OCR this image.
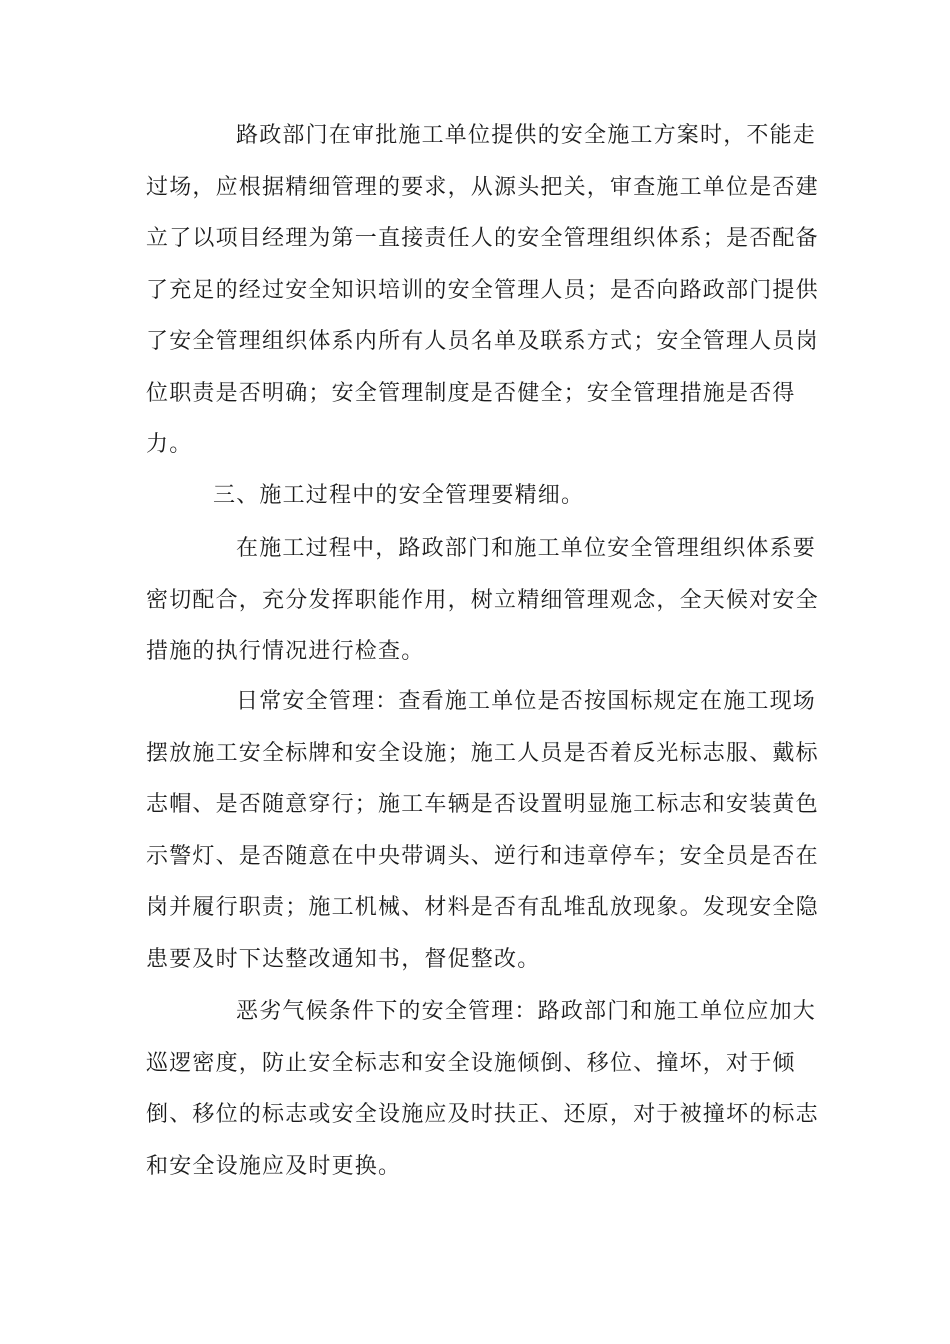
路政部门在审批施工单位提供的安全施工方案时，不能走
过场，应根据精细管理的要求，从源头把关，审查施工单位是否建
立了以项目经理为第一直接责任人的安全管理组织体系；是否配备
了充足的经过安全知识培训的安全管理人员；是否向路政部门提供
了安全管理组织体系内所有人员名单及联系方式；安全管理人员岗
位职责是否明确；安全管理制度是否健全；安全管理措施是否得
力。
三、施工过程中的安全管理要精细。
在施工过程中，路政部门和施工单位安全管理组织体系要
密切配合，充分发挥职能作用，树立精细管理观念，全天候对安全
措施的执行情况进行检查。
日常安全管理：查看施工单位是否按国标规定在施工现场
摆放施工安全标牌和安全设施；施工人员是否着反光标志服、戴标
志帽、是否随意穿行；施工车辆是否设置明显施工标志和安装黄色
示警灯、是否随意在中央带调头、逆行和违章停车；安全员是否在
岗并履行职责；施工机械、材料是否有乱堆乱放现象。发现安全隐
患要及时下达整改通知书，督促整改。
恶劣气候条件下的安全管理：路政部门和施工单位应加大
巡逻密度，防止安全标志和安全设施倾倒、移位、撞坏，对于倾
倒、移位的标志或安全设施应及时扶正、还原，对于被撞坏的标志
和安全设施应及时更换。
